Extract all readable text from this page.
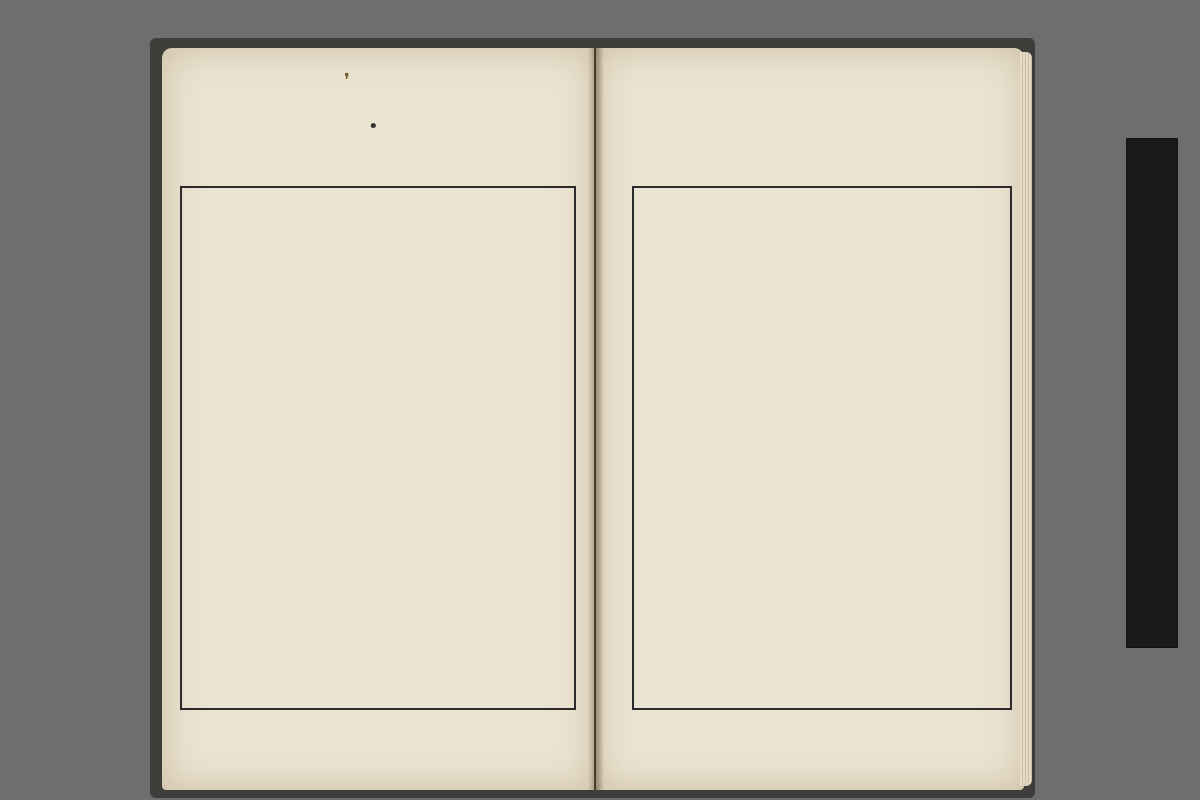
❜
•
